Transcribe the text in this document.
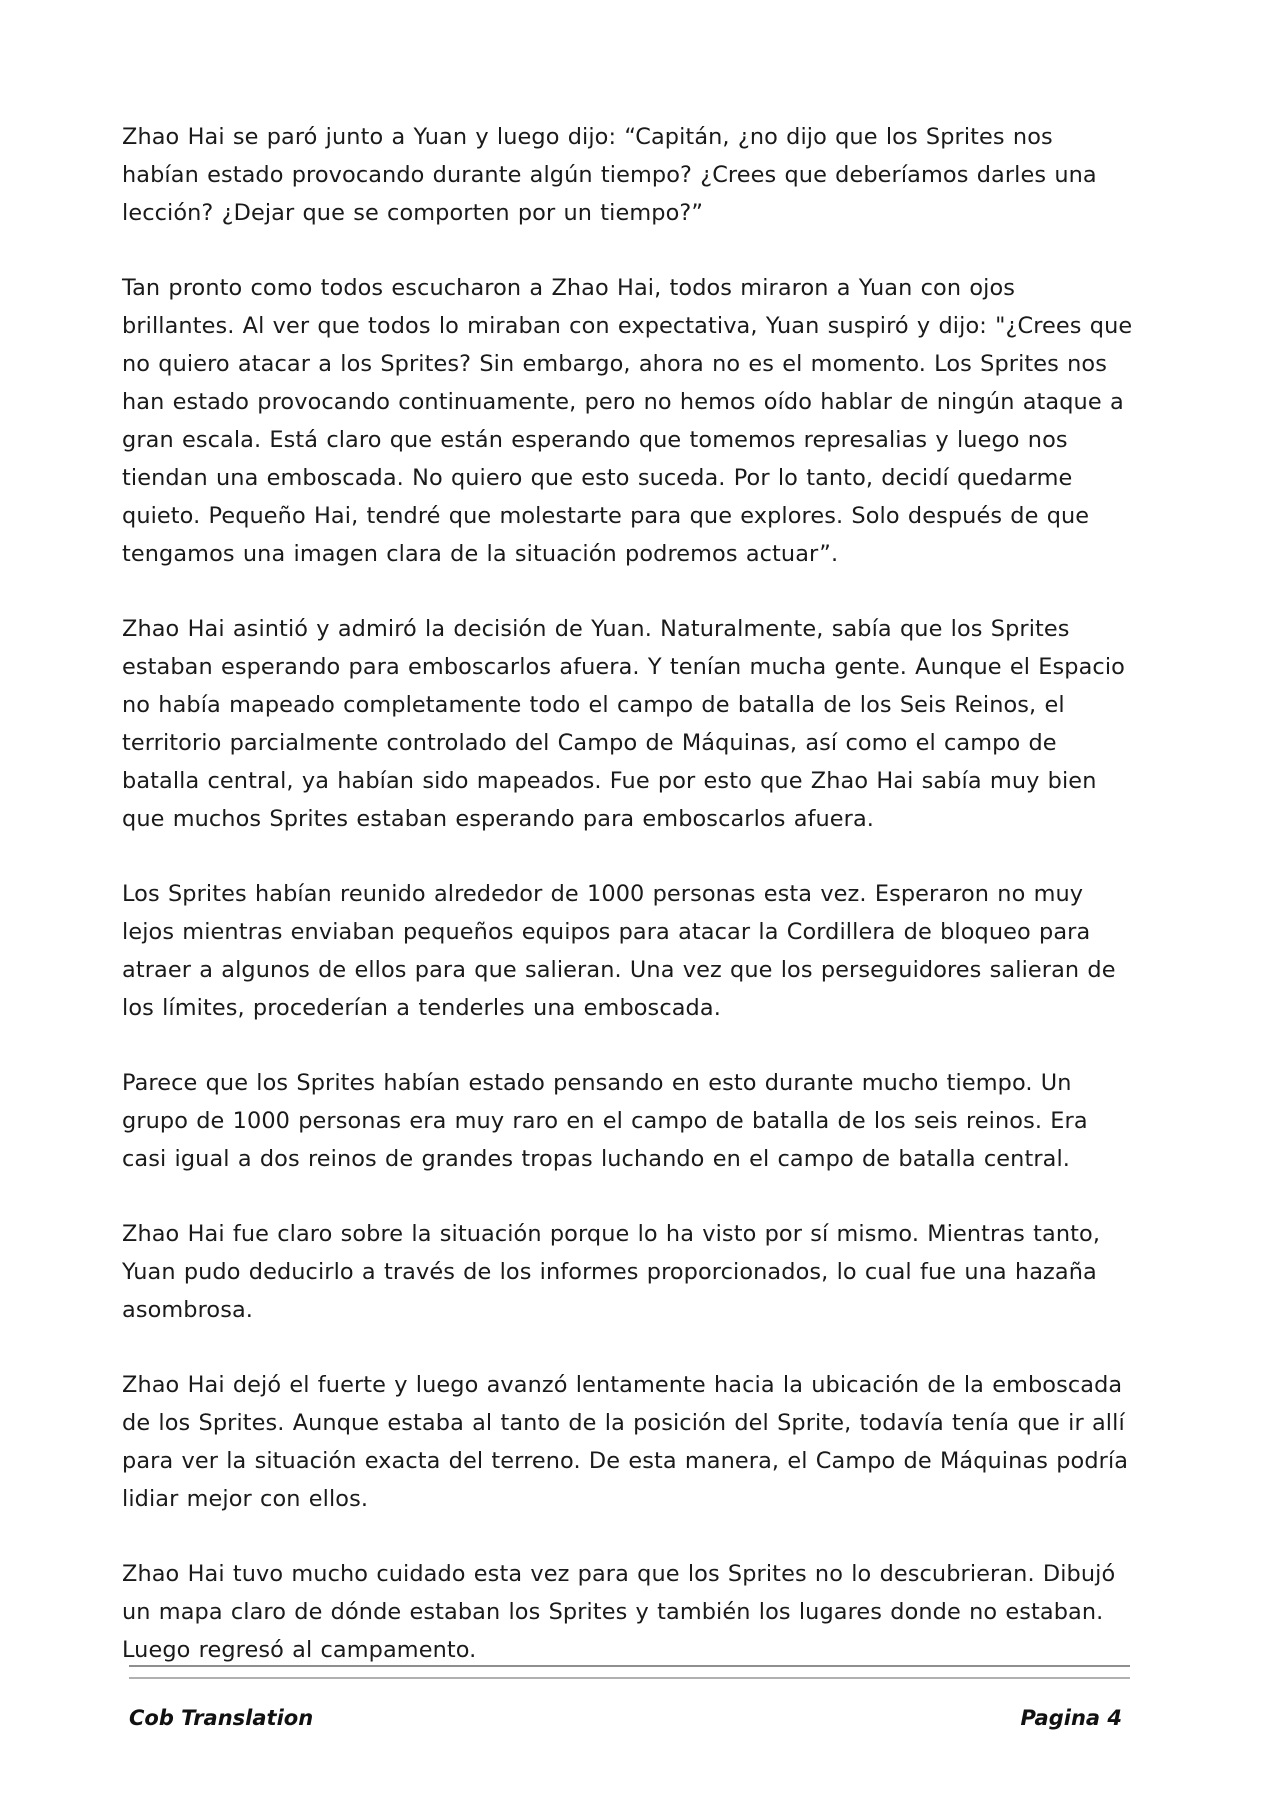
Zhao Hai se paró junto a Yuan y luego dijo: “Capitán, ¿no dijo que los Sprites nos habían estado provocando durante algún tiempo? ¿Crees que deberíamos darles una lección? ¿Dejar que se comporten por un tiempo?”

Tan pronto como todos escucharon a Zhao Hai, todos miraron a Yuan con ojos brillantes. Al ver que todos lo miraban con expectativa, Yuan suspiró y dijo: "¿Crees que no quiero atacar a los Sprites? Sin embargo, ahora no es el momento. Los Sprites nos han estado provocando continuamente, pero no hemos oído hablar de ningún ataque a gran escala. Está claro que están esperando que tomemos represalias y luego nos tiendan una emboscada. No quiero que esto suceda. Por lo tanto, decidí quedarme quieto. Pequeño Hai, tendré que molestarte para que explores. Solo después de que tengamos una imagen clara de la situación podremos actuar”.

Zhao Hai asintió y admiró la decisión de Yuan. Naturalmente, sabía que los Sprites estaban esperando para emboscarlos afuera. Y tenían mucha gente. Aunque el Espacio no había mapeado completamente todo el campo de batalla de los Seis Reinos, el territorio parcialmente controlado del Campo de Máquinas, así como el campo de batalla central, ya habían sido mapeados. Fue por esto que Zhao Hai sabía muy bien que muchos Sprites estaban esperando para emboscarlos afuera.

Los Sprites habían reunido alrededor de 1000 personas esta vez. Esperaron no muy lejos mientras enviaban pequeños equipos para atacar la Cordillera de bloqueo para atraer a algunos de ellos para que salieran. Una vez que los perseguidores salieran de los límites, procederían a tenderles una emboscada.

Parece que los Sprites habían estado pensando en esto durante mucho tiempo. Un grupo de 1000 personas era muy raro en el campo de batalla de los seis reinos. Era casi igual a dos reinos de grandes tropas luchando en el campo de batalla central.

Zhao Hai fue claro sobre la situación porque lo ha visto por sí mismo. Mientras tanto, Yuan pudo deducirlo a través de los informes proporcionados, lo cual fue una hazaña asombrosa.

Zhao Hai dejó el fuerte y luego avanzó lentamente hacia la ubicación de la emboscada de los Sprites. Aunque estaba al tanto de la posición del Sprite, todavía tenía que ir allí para ver la situación exacta del terreno. De esta manera, el Campo de Máquinas podría lidiar mejor con ellos.

Zhao Hai tuvo mucho cuidado esta vez para que los Sprites no lo descubrieran. Dibujó un mapa claro de dónde estaban los Sprites y también los lugares donde no estaban. Luego regresó al campamento.

Cob Translation	Pagina 4
